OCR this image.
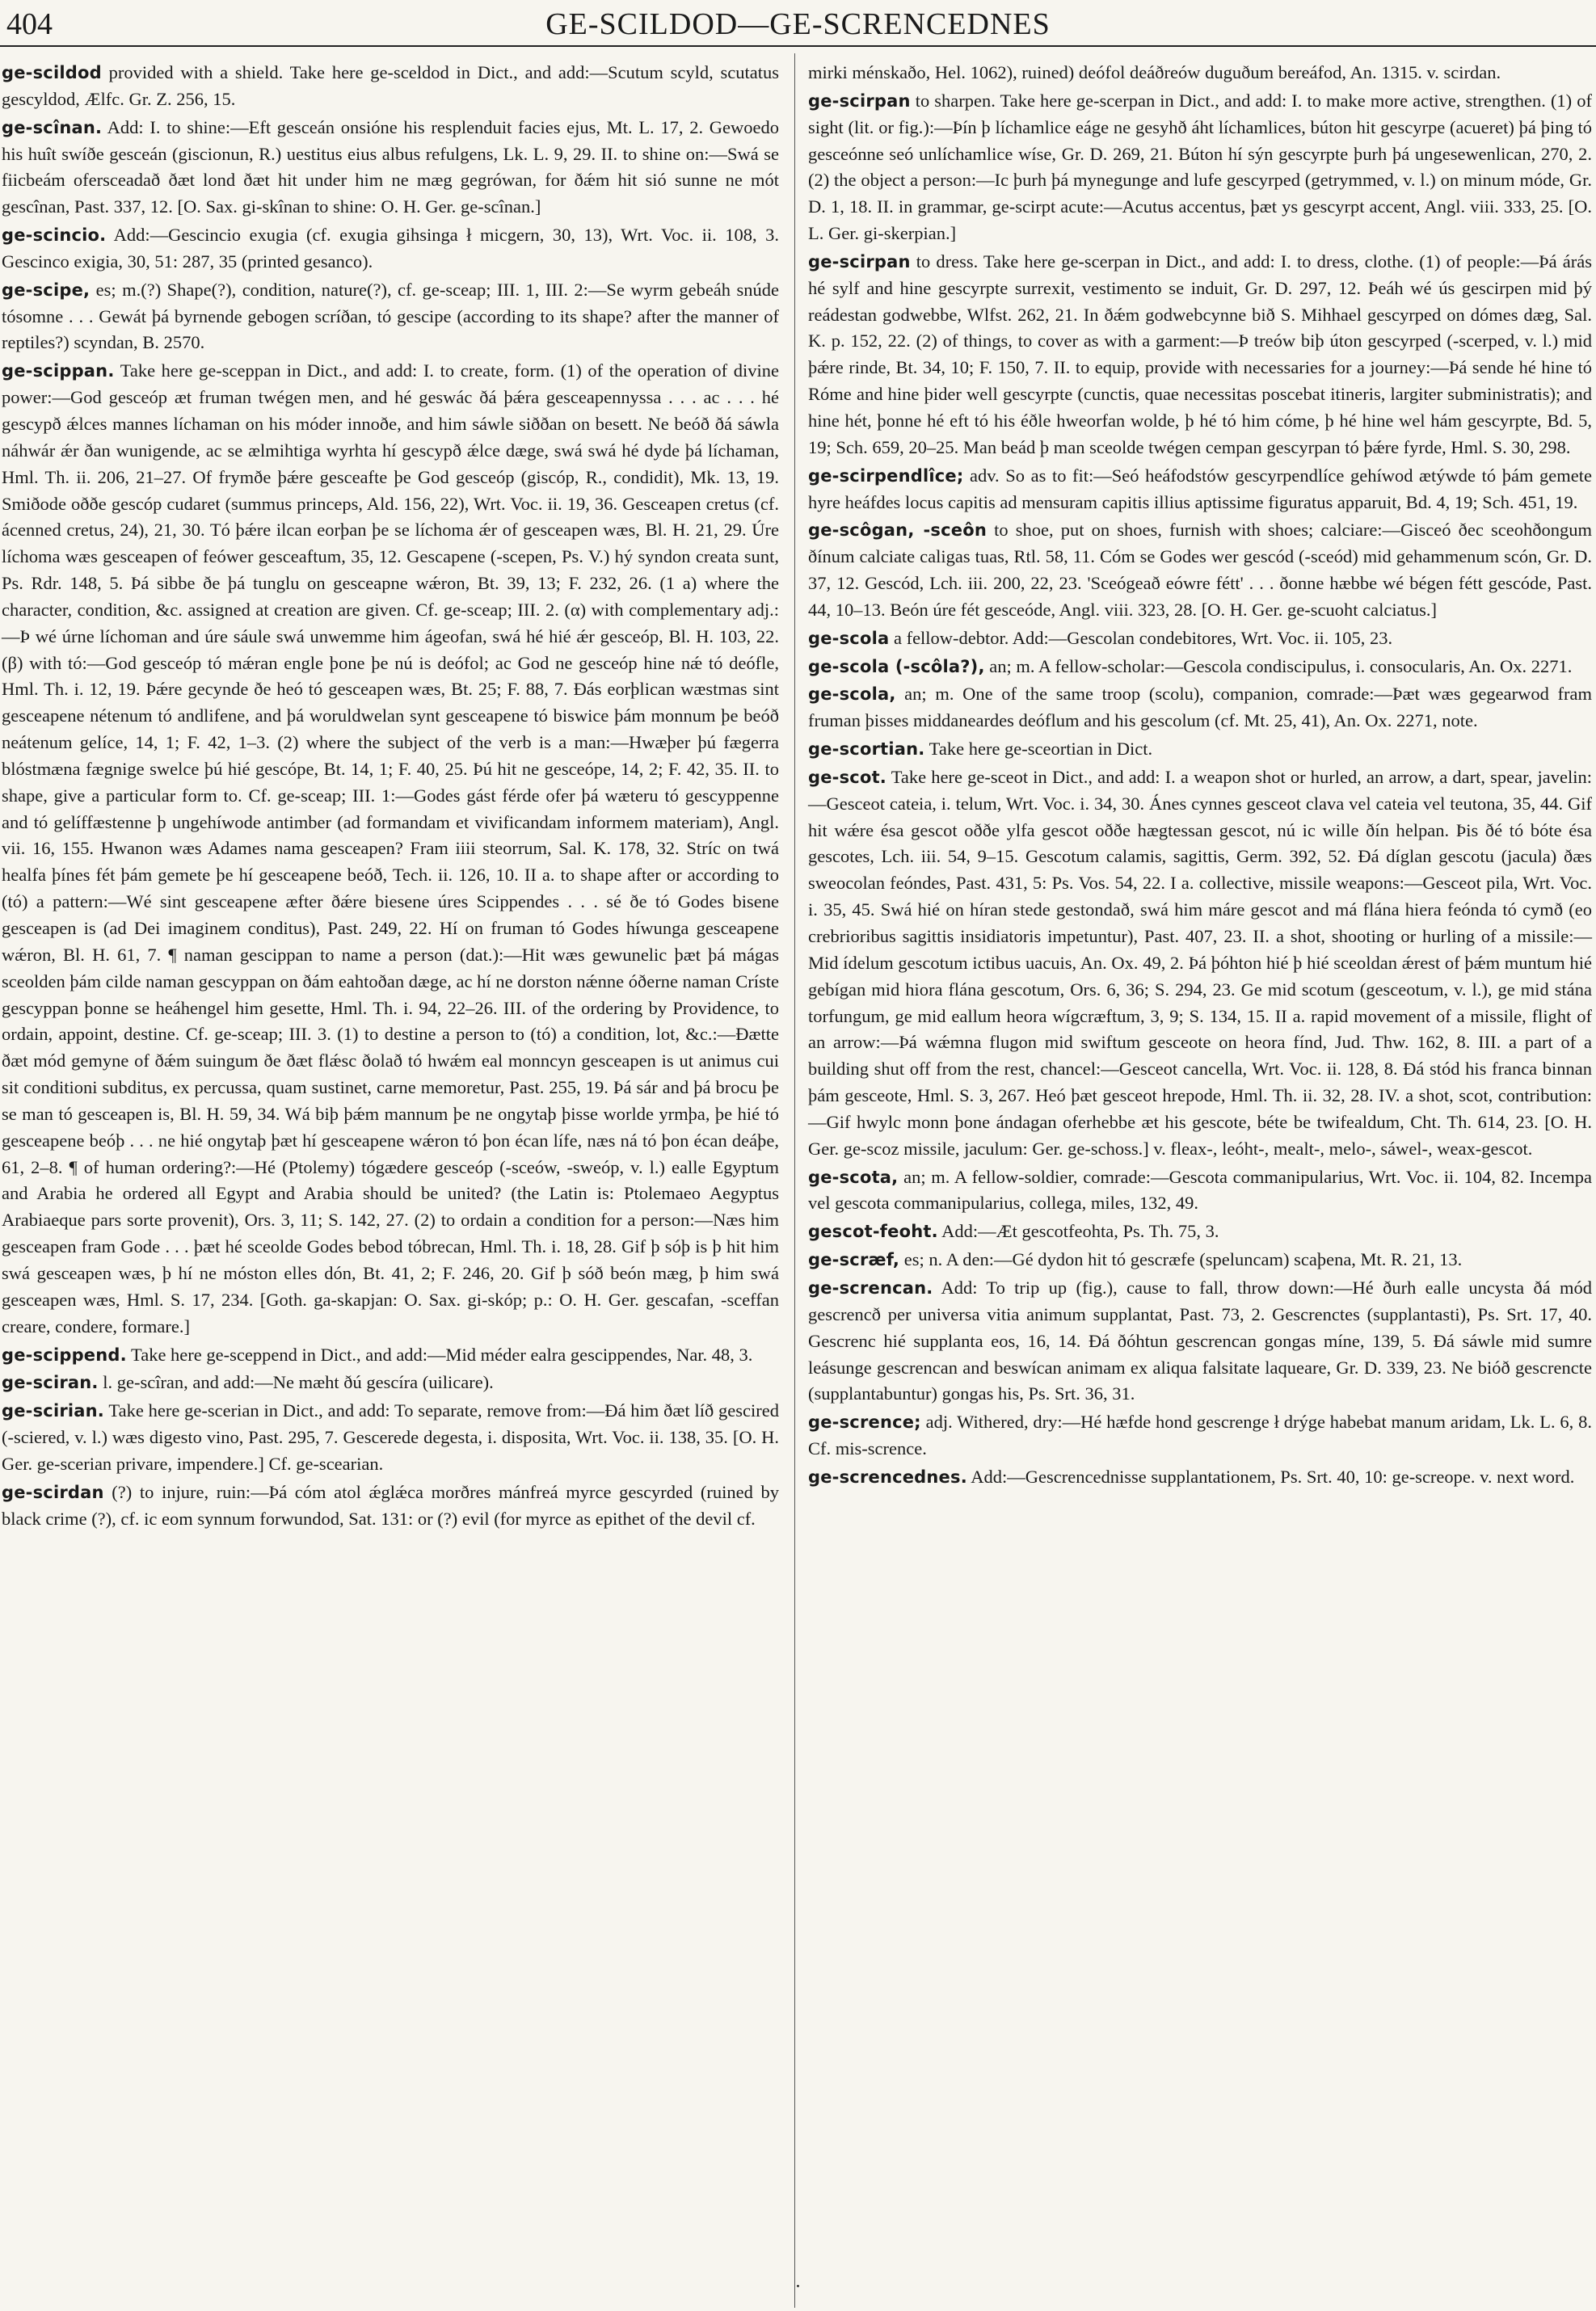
404	GE-SCILDOD—GE-SCRENCEDNES

ge-scildod provided with a shield. Take here ge-sceldod in Dict., and add:—Scutum scyld, scutatus gescyldod, Ælfc. Gr. Z. 256, 15.

ge-scînan. Add: I. to shine:—Eft gesceán onsióne his resplenduit facies ejus, Mt. L. 17, 2. Gewoedo his huît swíðe gesceán (giscionun, R.) uestitus eius albus refulgens, Lk. L. 9, 29. II. to shine on:—Swá se fiicbeám ofersceadað ðæt lond ðæt hit under him ne mæg gegrówan, for ðǽm hit sió sunne ne mót gescînan, Past. 337, 12. [O. Sax. gi-skînan to shine: O. H. Ger. ge-scînan.]

ge-scincio. Add:—Gescincio exugia (cf. exugia gihsinga ł micgern, 30, 13), Wrt. Voc. ii. 108, 3. Gescinco exigia, 30, 51: 287, 35 (printed gesanco).

ge-scipe, es; m.(?) Shape(?), condition, nature(?), cf. ge-sceap; III. 1, III. 2:—Se wyrm gebeáh snúde tósomne . . . Gewát þá byrnende gebogen scríðan, tó gescipe (according to its shape? after the manner of reptiles?) scyndan, B. 2570.

ge-scippan. Take here ge-sceppan in Dict., and add: I. to create, form. (1) of the operation of divine power:—God gesceóp æt fruman twégen men, and hé geswác ðá þǽra gesceapennyssa . . . ac . . . hé gescypð ǽlces mannes líchaman on his móder innoðe, and him sáwle siððan on besett. Ne beóð ðá sáwla náhwár ǽr ðan wunigende, ac se ælmihtiga wyrhta hí gescypð ǽlce dæge, swá swá hé dyde þá líchaman, Hml. Th. ii. 206, 21–27. Of frymðe þǽre gesceafte þe God gesceóp (giscóp, R., condidit), Mk. 13, 19. Smiðode oððe gescóp cudaret (summus princeps, Ald. 156, 22), Wrt. Voc. ii. 19, 36. Gesceapen cretus (cf. ácenned cretus, 24), 21, 30. Tó þǽre ilcan eorþan þe se líchoma ǽr of gesceapen wæs, Bl. H. 21, 29. Úre líchoma wæs gesceapen of feówer gesceaftum, 35, 12. Gescapene (-scepen, Ps. V.) hý syndon creata sunt, Ps. Rdr. 148, 5. Þá sibbe ðe þá tunglu on gesceapne wǽron, Bt. 39, 13; F. 232, 26. (1 a) where the character, condition, &c. assigned at creation are given. Cf. ge-sceap; III. 2. (α) with complementary adj.:—Þ wé úrne líchoman and úre sáule swá unwemme him ágeofan, swá hé hié ǽr gesceóp, Bl. H. 103, 22. (β) with tó:—God gesceóp tó mǽran engle þone þe nú is deófol; ac God ne gesceóp hine nǽ tó deófle, Hml. Th. i. 12, 19. Þǽre gecynde ðe heó tó gesceapen wæs, Bt. 25; F. 88, 7. Ðás eorþlican wæstmas sint gesceapene nétenum tó andlifene, and þá woruldwelan synt gesceapene tó biswice þám monnum þe beóð neátenum gelíce, 14, 1; F. 42, 1–3. (2) where the subject of the verb is a man:—Hwæþer þú fægerra blóstmæna fægnige swelce þú hié gescópe, Bt. 14, 1; F. 40, 25. Þú hit ne gesceópe, 14, 2; F. 42, 35. II. to shape, give a particular form to. Cf. ge-sceap; III. 1:—Godes gást férde ofer þá wæteru tó gescyppenne and tó gelíffæstenne þ ungehíwode antimber (ad formandam et vivificandam informem materiam), Angl. vii. 16, 155. Hwanon wæs Adames nama gesceapen? Fram iiii steorrum, Sal. K. 178, 32. Stríc on twá healfa þínes fét þám gemete þe hí gesceapene beóð, Tech. ii. 126, 10. II a. to shape after or according to (tó) a pattern:—Wé sint gesceapene æfter ðǽre biesene úres Scippendes . . . sé ðe tó Godes bisene gesceapen is (ad Dei imaginem conditus), Past. 249, 22. Hí on fruman tó Godes híwunga gesceapene wǽron, Bl. H. 61, 7. ¶ naman gescippan to name a person (dat.):—Hit wæs gewunelic þæt þá mágas sceolden þám cilde naman gescyppan on ðám eahtoðan dæge, ac hí ne dorston nǽnne óðerne naman Críste gescyppan þonne se heáhengel him gesette, Hml. Th. i. 94, 22–26. III. of the ordering by Providence, to ordain, appoint, destine. Cf. ge-sceap; III. 3. (1) to destine a person to (tó) a condition, lot, &c.:—Ðætte ðæt mód gemyne of ðǽm suingum ðe ðæt flǽsc ðolað tó hwǽm eal monncyn gesceapen is ut animus cui sit conditioni subditus, ex percussa, quam sustinet, carne memoretur, Past. 255, 19. Þá sár and þá brocu þe se man tó gesceapen is, Bl. H. 59, 34. Wá biþ þǽm mannum þe ne ongytaþ þisse worlde yrmþa, þe hié tó gesceapene beóþ . . . ne hié ongytaþ þæt hí gesceapene wǽron tó þon écan lífe, næs ná tó þon écan deáþe, 61, 2–8. ¶ of human ordering?:—Hé (Ptolemy) tógædere gesceóp (-sceów, -sweóp, v. l.) ealle Egyptum and Arabia he ordered all Egypt and Arabia should be united? (the Latin is: Ptolemaeo Aegyptus Arabiaeque pars sorte provenit), Ors. 3, 11; S. 142, 27. (2) to ordain a condition for a person:—Næs him gesceapen fram Gode . . . þæt hé sceolde Godes bebod tóbrecan, Hml. Th. i. 18, 28. Gif þ sóþ is þ hit him swá gesceapen wæs, þ hí ne móston elles dón, Bt. 41, 2; F. 246, 20. Gif þ sóð beón mæg, þ him swá gesceapen wæs, Hml. S. 17, 234. [Goth. ga-skapjan: O. Sax. gi-skóp; p.: O. H. Ger. gescafan, -sceffan creare, condere, formare.]

ge-scippend. Take here ge-sceppend in Dict., and add:—Mid méder ealra gescippendes, Nar. 48, 3.

ge-sciran. l. ge-scîran, and add:—Ne mæht ðú gescíra (uilicare).

ge-scirian. Take here ge-scerian in Dict., and add: To separate, remove from:—Ðá him ðæt líð gescired (-sciered, v. l.) wæs digesto vino, Past. 295, 7. Gescerede degesta, i. disposita, Wrt. Voc. ii. 138, 35. [O. H. Ger. ge-scerian privare, impendere.] Cf. ge-scearian.

ge-scirdan (?) to injure, ruin:—Þá cóm atol ǽglǽca morðres mánfreá myrce gescyrded (ruined by black crime (?), cf. ic eom synnum forwundod, Sat. 131: or (?) evil (for myrce as epithet of the devil cf.

mirki ménskaðo, Hel. 1062), ruined) deófol deáðreów duguðum bereáfod, An. 1315. v. scirdan.

ge-scirpan to sharpen. Take here ge-scerpan in Dict., and add: I. to make more active, strengthen. (1) of sight (lit. or fig.):—Þín þ líchamlice eáge ne gesyhð áht líchamlices, búton hit gescyrpe (acueret) þá þing tó gesceónne seó unlíchamlice wíse, Gr. D. 269, 21. Búton hí sýn gescyrpte þurh þá ungesewenlican, 270, 2. (2) the object a person:—Ic þurh þá mynegunge and lufe gescyrped (getrymmed, v. l.) on minum móde, Gr. D. 1, 18. II. in grammar, ge-scirpt acute:—Acutus accentus, þæt ys gescyrpt accent, Angl. viii. 333, 25. [O. L. Ger. gi-skerpian.]

ge-scirpan to dress. Take here ge-scerpan in Dict., and add: I. to dress, clothe. (1) of people:—Þá árás hé sylf and hine gescyrpte surrexit, vestimento se induit, Gr. D. 297, 12. Þeáh wé ús gescirpen mid þý reádestan godwebbe, Wlfst. 262, 21. In ðǽm godwebcynne bið S. Mihhael gescyrped on dómes dæg, Sal. K. p. 152, 22. (2) of things, to cover as with a garment:—Þ treów biþ úton gescyrped (-scerped, v. l.) mid þǽre rinde, Bt. 34, 10; F. 150, 7. II. to equip, provide with necessaries for a journey:—Þá sende hé hine tó Róme and hine þider well gescyrpte (cunctis, quae necessitas poscebat itineris, largiter subministratis); and hine hét, þonne hé eft tó his éðle hweorfan wolde, þ hé tó him cóme, þ hé hine wel hám gescyrpte, Bd. 5, 19; Sch. 659, 20–25. Man beád þ man sceolde twégen cempan gescyrpan tó þǽre fyrde, Hml. S. 30, 298.

ge-scirpendlîce; adv. So as to fit:—Seó heáfodstów gescyrpendlíce gehíwod ætýwde tó þám gemete hyre heáfdes locus capitis ad mensuram capitis illius aptissime figuratus apparuit, Bd. 4, 19; Sch. 451, 19.

ge-scôgan, -sceôn to shoe, put on shoes, furnish with shoes; calciare:—Gisceó ðec sceohðongum ðínum calciate caligas tuas, Rtl. 58, 11. Cóm se Godes wer gescód (-sceód) mid gehammenum scón, Gr. D. 37, 12. Gescód, Lch. iii. 200, 22, 23. 'Sceógeað eówre fétt' . . . ðonne hæbbe wé bégen fétt gescóde, Past. 44, 10–13. Beón úre fét gesceóde, Angl. viii. 323, 28. [O. H. Ger. ge-scuoht calciatus.]

ge-scola a fellow-debtor. Add:—Gescolan condebitores, Wrt. Voc. ii. 105, 23.

ge-scola (-scôla?), an; m. A fellow-scholar:—Gescola condiscipulus, i. consocularis, An. Ox. 2271.

ge-scola, an; m. One of the same troop (scolu), companion, comrade:—Þæt wæs gegearwod fram fruman þisses middaneardes deóflum and his gescolum (cf. Mt. 25, 41), An. Ox. 2271, note.

ge-scortian. Take here ge-sceortian in Dict.

ge-scot. Take here ge-sceot in Dict., and add: I. a weapon shot or hurled, an arrow, a dart, spear, javelin:—Gesceot cateia, i. telum, Wrt. Voc. i. 34, 30. Ánes cynnes gesceot clava vel cateia vel teutona, 35, 44. Gif hit wǽre ésa gescot oððe ylfa gescot oððe hægtessan gescot, nú ic wille ðín helpan. Þis ðé tó bóte ésa gescotes, Lch. iii. 54, 9–15. Gescotum calamis, sagittis, Germ. 392, 52. Ðá díglan gescotu (jacula) ðæs sweocolan feóndes, Past. 431, 5: Ps. Vos. 54, 22. I a. collective, missile weapons:—Gesceot pila, Wrt. Voc. i. 35, 45. Swá hié on híran stede gestondað, swá him máre gescot and má flána hiera feónda tó cymð (eo crebrioribus sagittis insidiatoris impetuntur), Past. 407, 23. II. a shot, shooting or hurling of a missile:—Mid ídelum gescotum ictibus uacuis, An. Ox. 49, 2. Þá þóhton hié þ hié sceoldan ǽrest of þǽm muntum hié gebígan mid hiora flána gescotum, Ors. 6, 36; S. 294, 23. Ge mid scotum (gesceotum, v. l.), ge mid stána torfungum, ge mid eallum heora wígcræftum, 3, 9; S. 134, 15. II a. rapid movement of a missile, flight of an arrow:—Þá wǽmna flugon mid swiftum gesceote on heora fínd, Jud. Thw. 162, 8. III. a part of a building shut off from the rest, chancel:—Gesceot cancella, Wrt. Voc. ii. 128, 8. Ðá stód his franca binnan þám gesceote, Hml. S. 3, 267. Heó þæt gesceot hrepode, Hml. Th. ii. 32, 28. IV. a shot, scot, contribution:—Gif hwylc monn þone ándagan oferhebbe æt his gescote, béte be twifealdum, Cht. Th. 614, 23. [O. H. Ger. ge-scoz missile, jaculum: Ger. ge-schoss.] v. fleax-, leóht-, mealt-, melo-, sáwel-, weax-gescot.

ge-scota, an; m. A fellow-soldier, comrade:—Gescota commanipularius, Wrt. Voc. ii. 104, 82. Incempa vel gescota commanipularius, collega, miles, 132, 49.

gescot-feoht. Add:—Æt gescotfeohta, Ps. Th. 75, 3.

ge-scræf, es; n. A den:—Gé dydon hit tó gescræfe (speluncam) scaþena, Mt. R. 21, 13.

ge-screncan. Add: To trip up (fig.), cause to fall, throw down:—Hé ðurh ealle uncysta ðá mód gescrencð per universa vitia animum supplantat, Past. 73, 2. Gescrenctes (supplantasti), Ps. Srt. 17, 40. Gescrenc hié supplanta eos, 16, 14. Ðá ðóhtun gescrencan gongas míne, 139, 5. Ðá sáwle mid sumre leásunge gescrencan and beswícan animam ex aliqua falsitate laqueare, Gr. D. 339, 23. Ne bióð gescrencte (supplantabuntur) gongas his, Ps. Srt. 36, 31.

ge-scrence; adj. Withered, dry:—Hé hæfde hond gescrenge ł drýge habebat manum aridam, Lk. L. 6, 8. Cf. mis-scrence.

ge-screncednes. Add:—Gescrencednisse supplantationem, Ps. Srt. 40, 10: ge-screope. v. next word.

·
